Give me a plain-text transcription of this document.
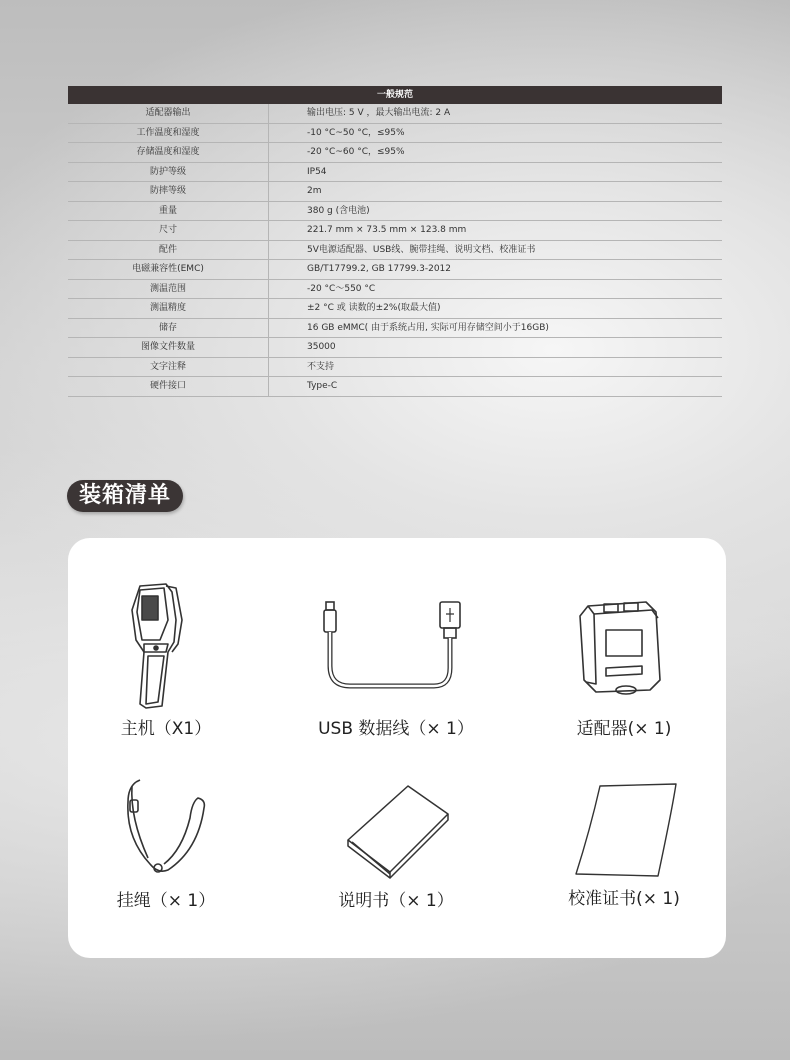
一般规范
适配器输出	输出电压: 5 V ，最大输出电流: 2 A
工作温度和湿度	-10 °C~50 °C，≤95%
存储温度和湿度	-20 °C~60 °C，≤95%
防护等级	IP54
防摔等级	2m
重量	380 g (含电池)
尺寸	221.7 mm × 73.5 mm × 123.8 mm
配件	5V电源适配器、USB线、腕带挂绳、说明文档、校准证书
电磁兼容性(EMC)	GB/T17799.2, GB 17799.3-2012
测温范围	-20 °C～550 °C
测温精度	±2 °C 或 读数的±2%(取最大值)
储存	16 GB eMMC( 由于系统占用, 实际可用存储空间小于16GB)
图像文件数量	35000
文字注释	不支持
硬件接口	Type-C
装箱清单
主机（X1）	USB 数据线（× 1）	适配器(× 1)
挂绳（× 1）	说明书（× 1）	校准证书(× 1)
